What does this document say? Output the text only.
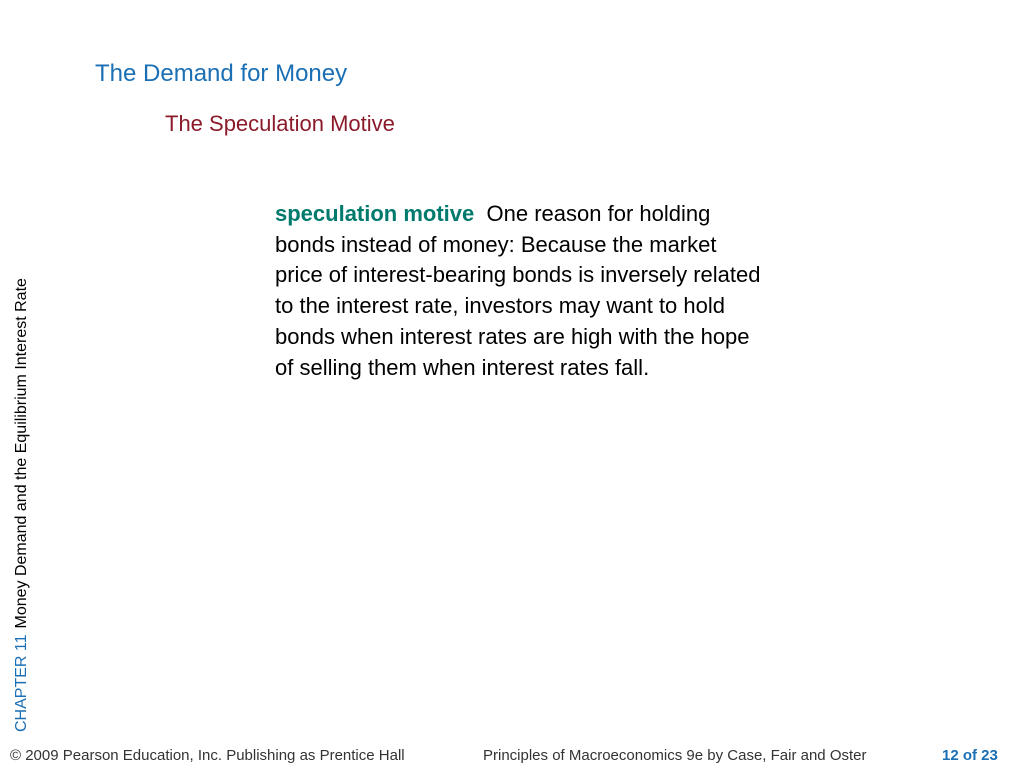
The Demand for Money
The Speculation Motive
CHAPTER 11Money Demand and the Equilibrium Interest Rate
speculation motive One reason for holding
bonds instead of money: Because the market
price of interest-bearing bonds is inversely related
to the interest rate, investors may want to hold
bonds when interest rates are high with the hope
of selling them when interest rates fall.
© 2009 Pearson Education, Inc. Publishing as Prentice Hall	Principles of Macroeconomics 9e by Case, Fair and Oster	12 of 23
